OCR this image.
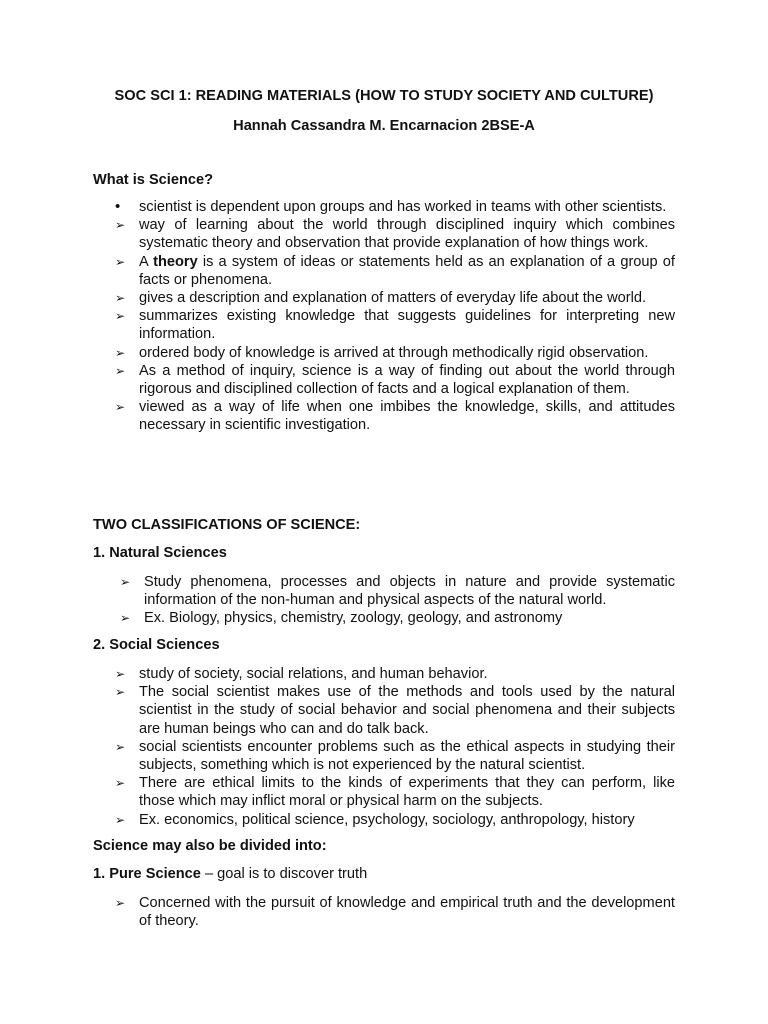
SOC SCI 1: READING MATERIALS (HOW TO STUDY SOCIETY AND CULTURE)
Hannah Cassandra M. Encarnacion 2BSE-A
What is Science?
• scientist is dependent upon groups and has worked in teams with other scientists.
➢ way of learning about the world through disciplined inquiry which combines systematic theory and observation that provide explanation of how things work.
➢ A theory is a system of ideas or statements held as an explanation of a group of facts or phenomena.
➢ gives a description and explanation of matters of everyday life about the world.
➢ summarizes existing knowledge that suggests guidelines for interpreting new information.
➢ ordered body of knowledge is arrived at through methodically rigid observation.
➢ As a method of inquiry, science is a way of finding out about the world through rigorous and disciplined collection of facts and a logical explanation of them.
➢ viewed as a way of life when one imbibes the knowledge, skills, and attitudes necessary in scientific investigation.
TWO CLASSIFICATIONS OF SCIENCE:
1. Natural Sciences
➢ Study phenomena, processes and objects in nature and provide systematic information of the non-human and physical aspects of the natural world.
➢ Ex. Biology, physics, chemistry, zoology, geology, and astronomy
2. Social Sciences
➢ study of society, social relations, and human behavior.
➢ The social scientist makes use of the methods and tools used by the natural scientist in the study of social behavior and social phenomena and their subjects are human beings who can and do talk back.
➢ social scientists encounter problems such as the ethical aspects in studying their subjects, something which is not experienced by the natural scientist.
➢ There are ethical limits to the kinds of experiments that they can perform, like those which may inflict moral or physical harm on the subjects.
➢ Ex. economics, political science, psychology, sociology, anthropology, history
Science may also be divided into:
1. Pure Science – goal is to discover truth
➢ Concerned with the pursuit of knowledge and empirical truth and the development of theory.
